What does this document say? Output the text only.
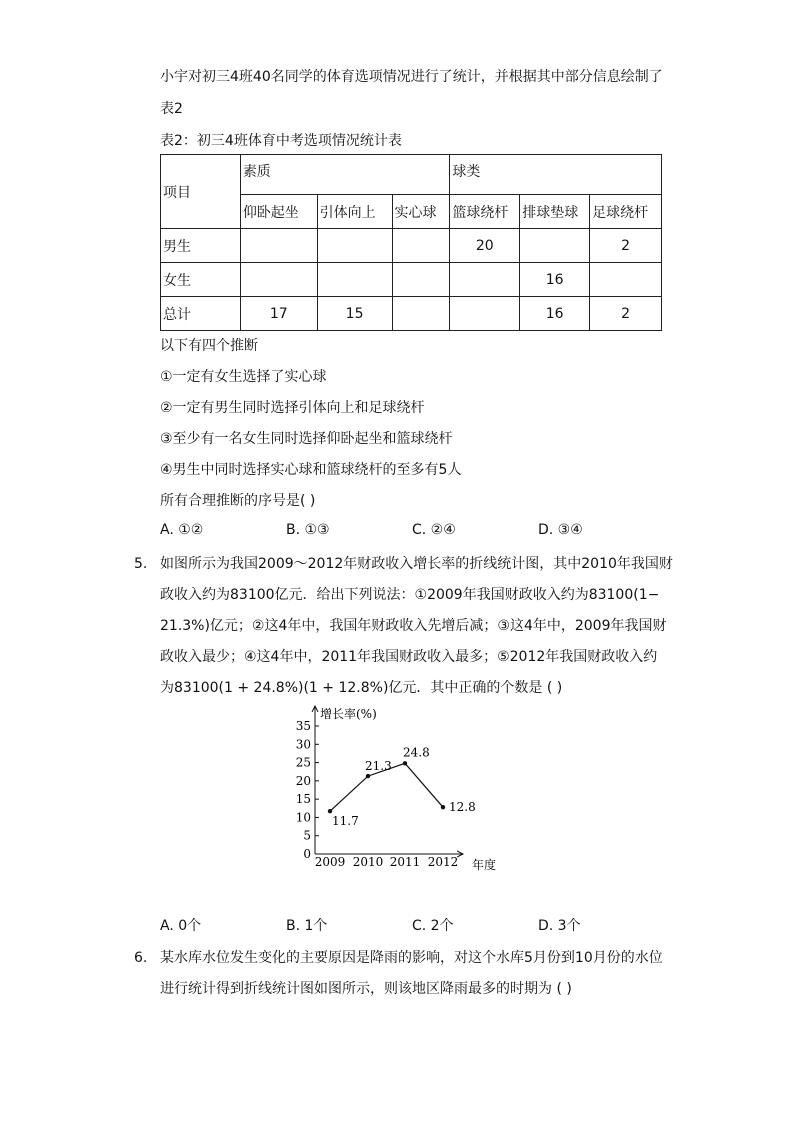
小宇对初三4班40名同学的体育选项情况进行了统计，并根据其中部分信息绘制了
表2
表2：初三4班体育中考选项情况统计表
项目	素质			球类		
	仰卧起坐	引体向上	实心球	篮球绕杆	排球垫球	足球绕杆
男生				20		2
女生					16	
总计	17	15			16	2
以下有四个推断
①一定有女生选择了实心球
②一定有男生同时选择引体向上和足球绕杆
③至少有一名女生同时选择仰卧起坐和篮球绕杆
④男生中同时选择实心球和篮球绕杆的至多有5人
所有合理推断的序号是( )
A. ①②	B. ①③	C. ②④	D. ③④
5. 如图所示为我国2009～2012年财政收入增长率的折线统计图，其中2010年我国财
政收入约为83100亿元．给出下列说法：①2009年我国财政收入约为83100(1−
21.3%)亿元；②这4年中，我国年财政收入先增后减；③这4年中，2009年我国财
政收入最少；④这4年中，2011年我国财政收入最多；⑤2012年我国财政收入约
为83100(1 + 24.8%)(1 + 12.8%)亿元．其中正确的个数是 ( )
增长率(%)
年度
0
5
10
15
20
25
30
35
2009 2010 2011 2012
11.7
21.3
24.8
12.8
A. 0个	B. 1个	C. 2个	D. 3个
6. 某水库水位发生变化的主要原因是降雨的影响，对这个水库5月份到10月份的水位
进行统计得到折线统计图如图所示，则该地区降雨最多的时期为 ( )
